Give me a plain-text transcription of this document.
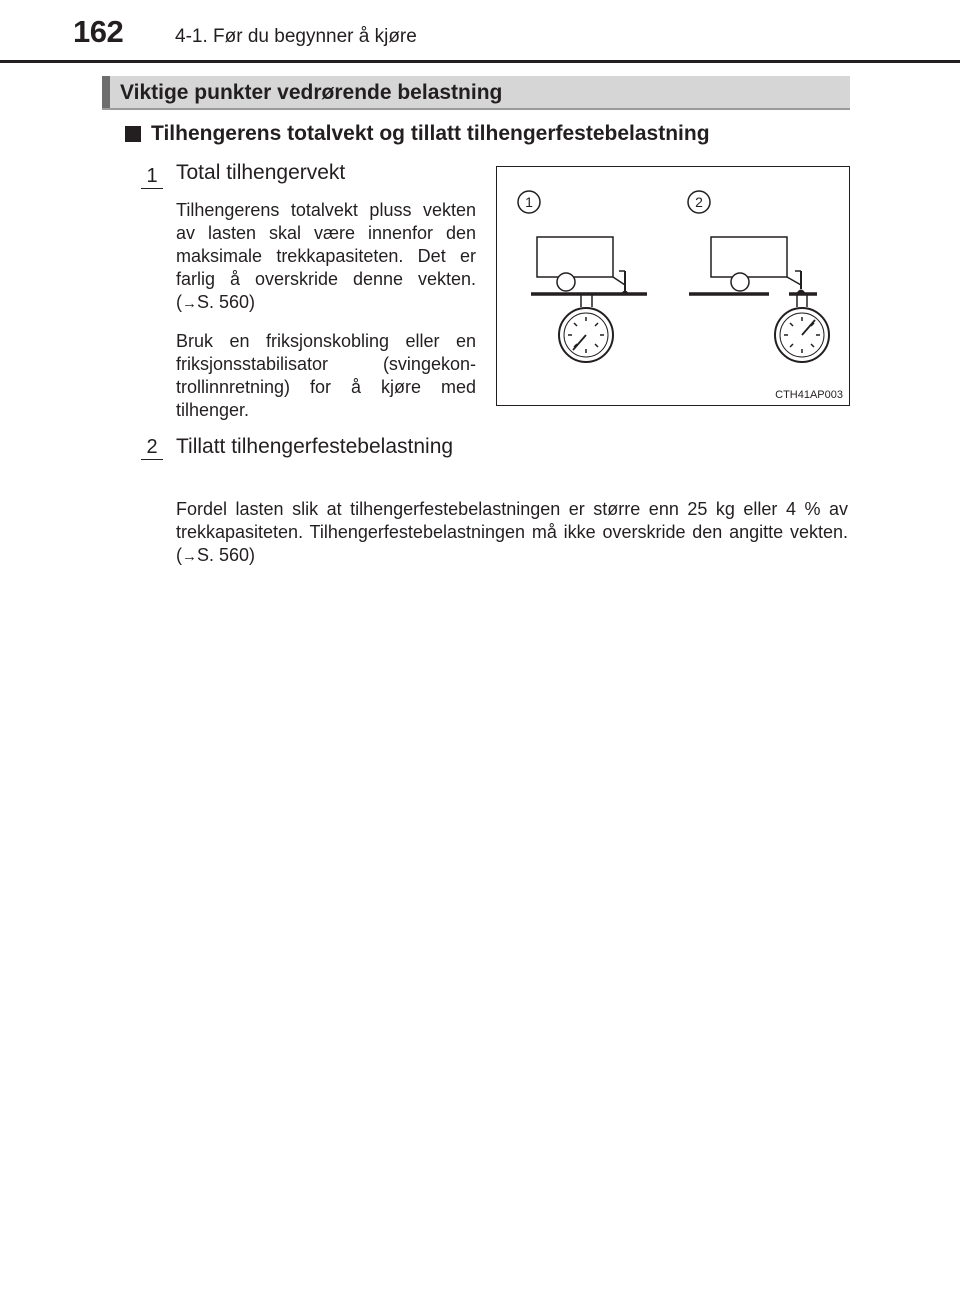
162	4-1. Før du begynner å kjøre
Viktige punkter vedrørende belastning
Tilhengerens totalvekt og tillatt tilhengerfestebelastning
1 Total tilhengervekt
Tilhengerens totalvekt pluss vekten av lasten skal være innenfor den maksimale trekkapasiteten. Det er farlig å overskride denne vekten. (→S. 560)
Bruk en friksjonskobling eller en friksjonsstabilisator (svingekontrollinnretning) for å kjøre med tilhenger.
2 Tillatt tilhengerfestebelastning
Fordel lasten slik at tilhengerfestebelastningen er større enn 25 kg eller 4 % av trekkapasiteten. Tilhengerfestebelastningen må ikke overskride den angitte vekten. (→S. 560)
1	2
CTH41AP003
